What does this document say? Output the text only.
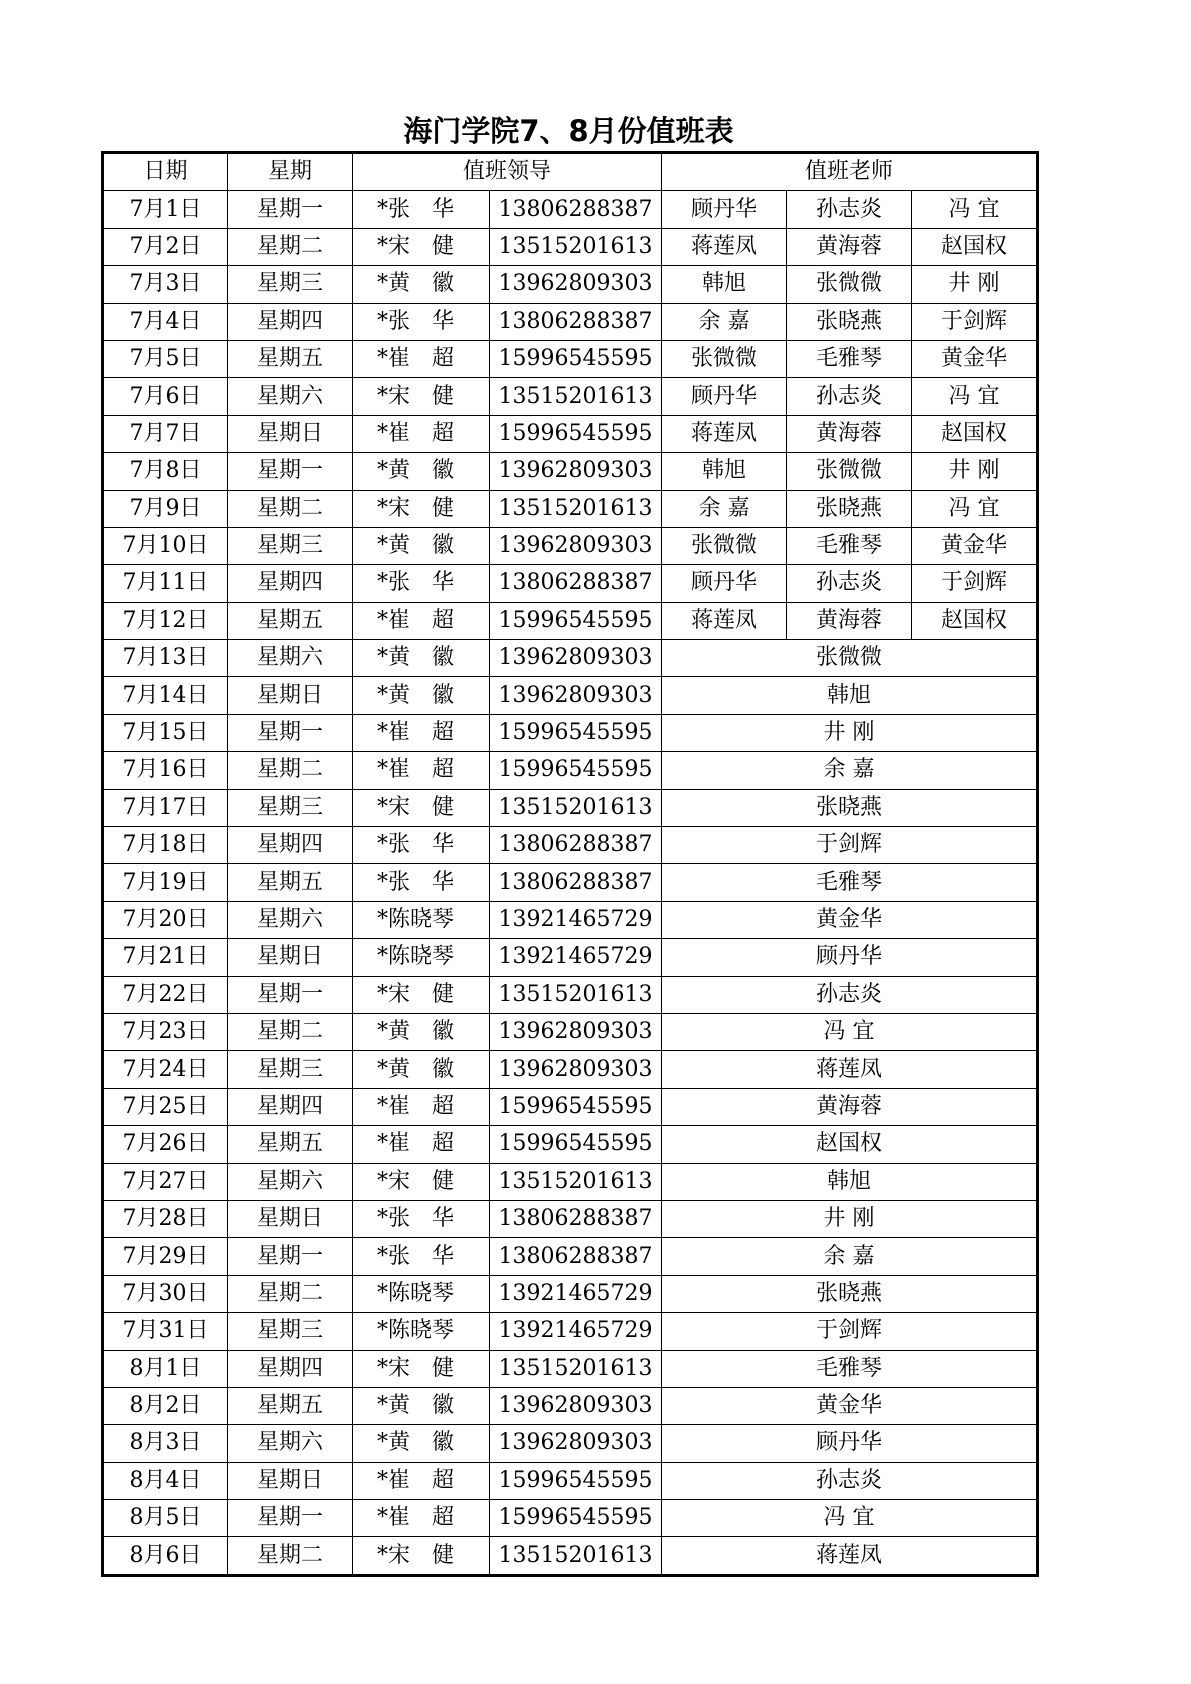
海门学院7、8月份值班表
日期	星期	值班领导		值班老师		
7月1日	星期一	*张　华	13806288387	顾丹华	孙志炎	冯 宜
7月2日	星期二	*宋　健	13515201613	蒋莲凤	黄海蓉	赵国权
7月3日	星期三	*黄　徽	13962809303	韩旭	张微微	井 刚
7月4日	星期四	*张　华	13806288387	余 嘉	张晓燕	于剑辉
7月5日	星期五	*崔　超	15996545595	张微微	毛雅琴	黄金华
7月6日	星期六	*宋　健	13515201613	顾丹华	孙志炎	冯 宜
7月7日	星期日	*崔　超	15996545595	蒋莲凤	黄海蓉	赵国权
7月8日	星期一	*黄　徽	13962809303	韩旭	张微微	井 刚
7月9日	星期二	*宋　健	13515201613	余 嘉	张晓燕	冯 宜
7月10日	星期三	*黄　徽	13962809303	张微微	毛雅琴	黄金华
7月11日	星期四	*张　华	13806288387	顾丹华	孙志炎	于剑辉
7月12日	星期五	*崔　超	15996545595	蒋莲凤	黄海蓉	赵国权
7月13日	星期六	*黄　徽	13962809303	张微微		
7月14日	星期日	*黄　徽	13962809303	韩旭		
7月15日	星期一	*崔　超	15996545595	井 刚		
7月16日	星期二	*崔　超	15996545595	余 嘉		
7月17日	星期三	*宋　健	13515201613	张晓燕		
7月18日	星期四	*张　华	13806288387	于剑辉		
7月19日	星期五	*张　华	13806288387	毛雅琴		
7月20日	星期六	*陈晓琴	13921465729	黄金华		
7月21日	星期日	*陈晓琴	13921465729	顾丹华		
7月22日	星期一	*宋　健	13515201613	孙志炎		
7月23日	星期二	*黄　徽	13962809303	冯 宜		
7月24日	星期三	*黄　徽	13962809303	蒋莲凤		
7月25日	星期四	*崔　超	15996545595	黄海蓉		
7月26日	星期五	*崔　超	15996545595	赵国权		
7月27日	星期六	*宋　健	13515201613	韩旭		
7月28日	星期日	*张　华	13806288387	井 刚		
7月29日	星期一	*张　华	13806288387	余 嘉		
7月30日	星期二	*陈晓琴	13921465729	张晓燕		
7月31日	星期三	*陈晓琴	13921465729	于剑辉		
8月1日	星期四	*宋　健	13515201613	毛雅琴		
8月2日	星期五	*黄　徽	13962809303	黄金华		
8月3日	星期六	*黄　徽	13962809303	顾丹华		
8月4日	星期日	*崔　超	15996545595	孙志炎		
8月5日	星期一	*崔　超	15996545595	冯 宜		
8月6日	星期二	*宋　健	13515201613	蒋莲凤		
